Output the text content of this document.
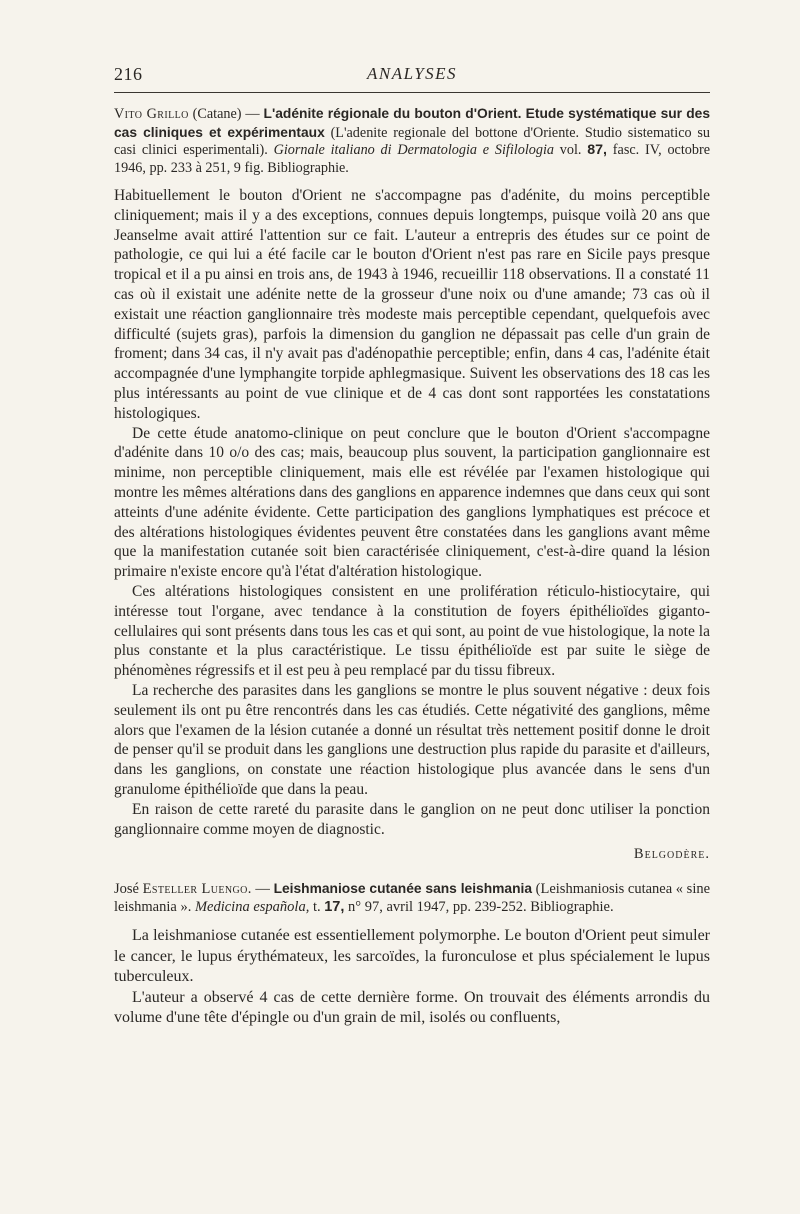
216	ANALYSES
Vito Grillo (Catane) — L'adénite régionale du bouton d'Orient. Etude systématique sur des cas cliniques et expérimentaux (L'adenite regionale del bottone d'Oriente. Studio sistematico su casi clinici esperimentali). Giornale italiano di Dermatologia e Sifilologia vol. 87, fasc. IV, octobre 1946, pp. 233 à 251, 9 fig. Bibliographie.

Habituellement le bouton d'Orient ne s'accompagne pas d'adénite, du moins perceptible cliniquement; mais il y a des exceptions, connues depuis longtemps, puisque voilà 20 ans que Jeanselme avait attiré l'attention sur ce fait. L'auteur a entrepris des études sur ce point de pathologie, ce qui lui a été facile car le bouton d'Orient n'est pas rare en Sicile pays presque tropical et il a pu ainsi en trois ans, de 1943 à 1946, recueillir 118 observations. Il a constaté 11 cas où il existait une adénite nette de la grosseur d'une noix ou d'une amande; 73 cas où il existait une réaction ganglionnaire très modeste mais perceptible cependant, quelquefois avec difficulté (sujets gras), parfois la dimension du ganglion ne dépassait pas celle d'un grain de froment; dans 34 cas, il n'y avait pas d'adénopathie perceptible; enfin, dans 4 cas, l'adénite était accompagnée d'une lymphangite torpide aphlegmasique. Suivent les observations des 18 cas les plus intéressants au point de vue clinique et de 4 cas dont sont rapportées les constatations histologiques.

De cette étude anatomo-clinique on peut conclure que le bouton d'Orient s'accompagne d'adénite dans 10 o/o des cas; mais, beaucoup plus souvent, la participation ganglionnaire est minime, non perceptible cliniquement, mais elle est révélée par l'examen histologique qui montre les mêmes altérations dans des ganglions en apparence indemnes que dans ceux qui sont atteints d'une adénite évidente. Cette participation des ganglions lymphatiques est précoce et des altérations histologiques évidentes peuvent être constatées dans les ganglions avant même que la manifestation cutanée soit bien caractérisée cliniquement, c'est-à-dire quand la lésion primaire n'existe encore qu'à l'état d'altération histologique.

Ces altérations histologiques consistent en une prolifération réticulo-histiocytaire, qui intéresse tout l'organe, avec tendance à la constitution de foyers épithélioïdes giganto-cellulaires qui sont présents dans tous les cas et qui sont, au point de vue histologique, la note la plus constante et la plus caractéristique. Le tissu épithélioïde est par suite le siège de phénomènes régressifs et il est peu à peu remplacé par du tissu fibreux.

La recherche des parasites dans les ganglions se montre le plus souvent négative : deux fois seulement ils ont pu être rencontrés dans les cas étudiés. Cette négativité des ganglions, même alors que l'examen de la lésion cutanée a donné un résultat très nettement positif donne le droit de penser qu'il se produit dans les ganglions une destruction plus rapide du parasite et d'ailleurs, dans les ganglions, on constate une réaction histologique plus avancée dans le sens d'un granulome épithélioïde que dans la peau.

En raison de cette rareté du parasite dans le ganglion on ne peut donc utiliser la ponction ganglionnaire comme moyen de diagnostic.

Belgodère.
José Esteller Luengo. — Leishmaniose cutanée sans leishmania (Leishmaniosis cutanea « sine leishmania ». Medicina española, t. 17, n° 97, avril 1947, pp. 239-252. Bibliographie.

La leishmaniose cutanée est essentiellement polymorphe. Le bouton d'Orient peut simuler le cancer, le lupus érythémateux, les sarcoïdes, la furonculose et plus spécialement le lupus tuberculeux.

L'auteur a observé 4 cas de cette dernière forme. On trouvait des éléments arrondis du volume d'une tête d'épingle ou d'un grain de mil, isolés ou confluents,
